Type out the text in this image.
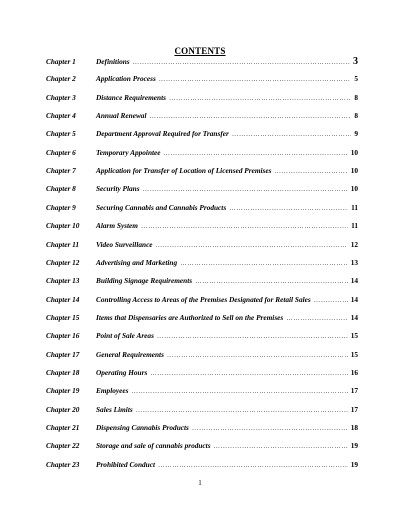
CONTENTS
Chapter 1	Definitions ……………………………………………………………………………………………………………………………………	3
Chapter 2	Application Process ……………………………………………………………………………………………………………………………………	5
Chapter 3	Distance Requirements ……………………………………………………………………………………………………………………………………	8
Chapter 4	Annual Renewal ……………………………………………………………………………………………………………………………………	8
Chapter 5	Department Approval Required for Transfer ……………………………………………………………………………………………………………………………………	9
Chapter 6	Temporary Appointee ……………………………………………………………………………………………………………………………………	10
Chapter 7	Application for Transfer of Location of Licensed Premises ……………………………………………………………………………………………………………………………………	10
Chapter 8	Security Plans ……………………………………………………………………………………………………………………………………	10
Chapter 9	Securing Cannabis and Cannabis Products ……………………………………………………………………………………………………………………………………	11
Chapter 10	Alarm System ……………………………………………………………………………………………………………………………………	11
Chapter 11	Video Surveillance ……………………………………………………………………………………………………………………………………	12
Chapter 12	Advertising and Marketing ……………………………………………………………………………………………………………………………………	13
Chapter 13	Building Signage Requirements ……………………………………………………………………………………………………………………………………	14
Chapter 14	Controlling Access to Areas of the Premises Designated for Retail Sales ……………………………………………………………………………………………………………………………………	14
Chapter 15	Items that Dispensaries are Authorized to Sell on the Premises ……………………………………………………………………………………………………………………………………	14
Chapter 16	Point of Sale Areas ……………………………………………………………………………………………………………………………………	15
Chapter 17	General Requirements ……………………………………………………………………………………………………………………………………	15
Chapter 18	Operating Hours ……………………………………………………………………………………………………………………………………	16
Chapter 19	Employees ……………………………………………………………………………………………………………………………………	17
Chapter 20	Sales Limits ……………………………………………………………………………………………………………………………………	17
Chapter 21	Dispensing Cannabis Products ……………………………………………………………………………………………………………………………………	18
Chapter 22	Storage and sale of cannabis products ……………………………………………………………………………………………………………………………………	19
Chapter 23	Prohibited Conduct ……………………………………………………………………………………………………………………………………	19
1
